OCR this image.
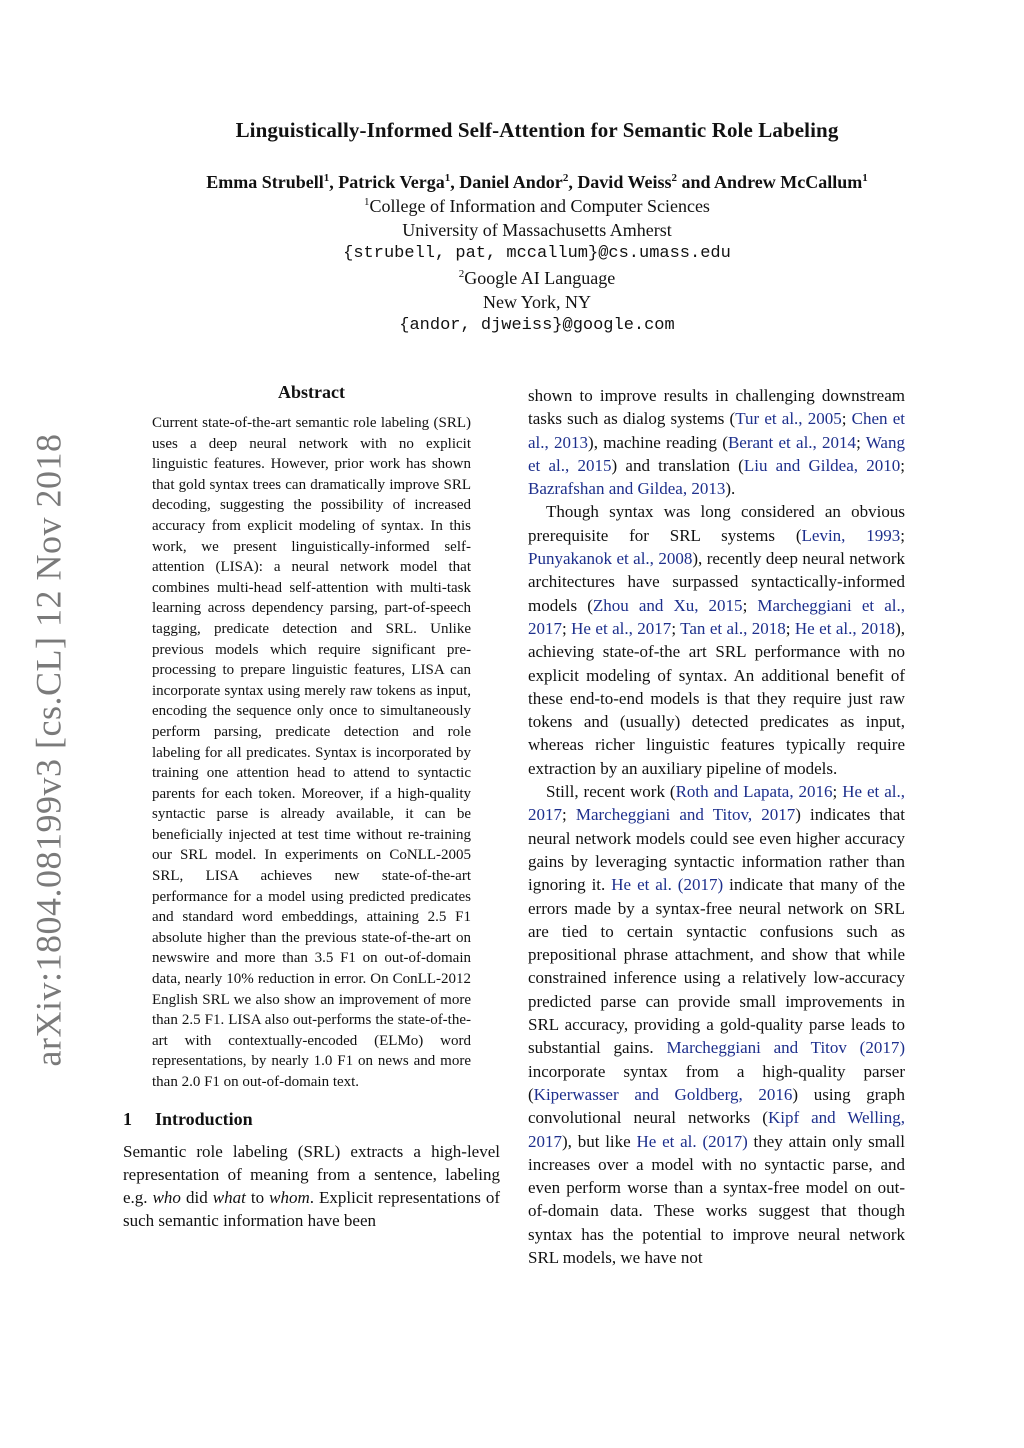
arXiv:1804.08199v3 [cs.CL] 12 Nov 2018
Linguistically-Informed Self-Attention for Semantic Role Labeling
Emma Strubell$^1$, Patrick Verga$^1$, Daniel Andor$^2$, David Weiss$^2$ and Andrew McCallum$^1$
$^1$College of Information and Computer Sciences
University of Massachusetts Amherst
{strubell, pat, mccallum}@cs.umass.edu
$^2$Google AI Language
New York, NY
{andor, djweiss}@google.com
Abstract

Current state-of-the-art semantic role labeling (SRL) uses a deep neural network with no explicit linguistic features. However, prior work has shown that gold syntax trees can dramatically improve SRL decoding, suggesting the possibility of increased accuracy from explicit modeling of syntax. In this work, we present linguistically-informed self-attention (LISA): a neural network model that combines multi-head self-attention with multi-task learning across dependency parsing, part-of-speech tagging, predicate detection and SRL. Unlike previous models which require significant pre-processing to prepare linguistic features, LISA can incorporate syntax using merely raw tokens as input, encoding the sequence only once to simultaneously perform parsing, predicate detection and role labeling for all predicates. Syntax is incorporated by training one attention head to attend to syntactic parents for each token. Moreover, if a high-quality syntactic parse is already available, it can be beneficially injected at test time without re-training our SRL model. In experiments on CoNLL-2005 SRL, LISA achieves new state-of-the-art performance for a model using predicted predicates and standard word embeddings, attaining 2.5 F1 absolute higher than the previous state-of-the-art on newswire and more than 3.5 F1 on out-of-domain data, nearly 10% reduction in error. On ConLL-2012 English SRL we also show an improvement of more than 2.5 F1. LISA also out-performs the state-of-the-art with contextually-encoded (ELMo) word representations, by nearly 1.0 F1 on news and more than 2.0 F1 on out-of-domain text.

1 Introduction

Semantic role labeling (SRL) extracts a high-level representation of meaning from a sentence, labeling e.g. who did what to whom. Explicit representations of such semantic information have been

shown to improve results in challenging downstream tasks such as dialog systems (Tur et al., 2005; Chen et al., 2013), machine reading (Berant et al., 2014; Wang et al., 2015) and translation (Liu and Gildea, 2010; Bazrafshan and Gildea, 2013).

Though syntax was long considered an obvious prerequisite for SRL systems (Levin, 1993; Punyakanok et al., 2008), recently deep neural network architectures have surpassed syntactically-informed models (Zhou and Xu, 2015; Marcheggiani et al., 2017; He et al., 2017; Tan et al., 2018; He et al., 2018), achieving state-of-the art SRL performance with no explicit modeling of syntax. An additional benefit of these end-to-end models is that they require just raw tokens and (usually) detected predicates as input, whereas richer linguistic features typically require extraction by an auxiliary pipeline of models.

Still, recent work (Roth and Lapata, 2016; He et al., 2017; Marcheggiani and Titov, 2017) indicates that neural network models could see even higher accuracy gains by leveraging syntactic information rather than ignoring it. He et al. (2017) indicate that many of the errors made by a syntax-free neural network on SRL are tied to certain syntactic confusions such as prepositional phrase attachment, and show that while constrained inference using a relatively low-accuracy predicted parse can provide small improvements in SRL accuracy, providing a gold-quality parse leads to substantial gains. Marcheggiani and Titov (2017) incorporate syntax from a high-quality parser (Kiperwasser and Goldberg, 2016) using graph convolutional neural networks (Kipf and Welling, 2017), but like He et al. (2017) they attain only small increases over a model with no syntactic parse, and even perform worse than a syntax-free model on out-of-domain data. These works suggest that though syntax has the potential to improve neural network SRL models, we have not
